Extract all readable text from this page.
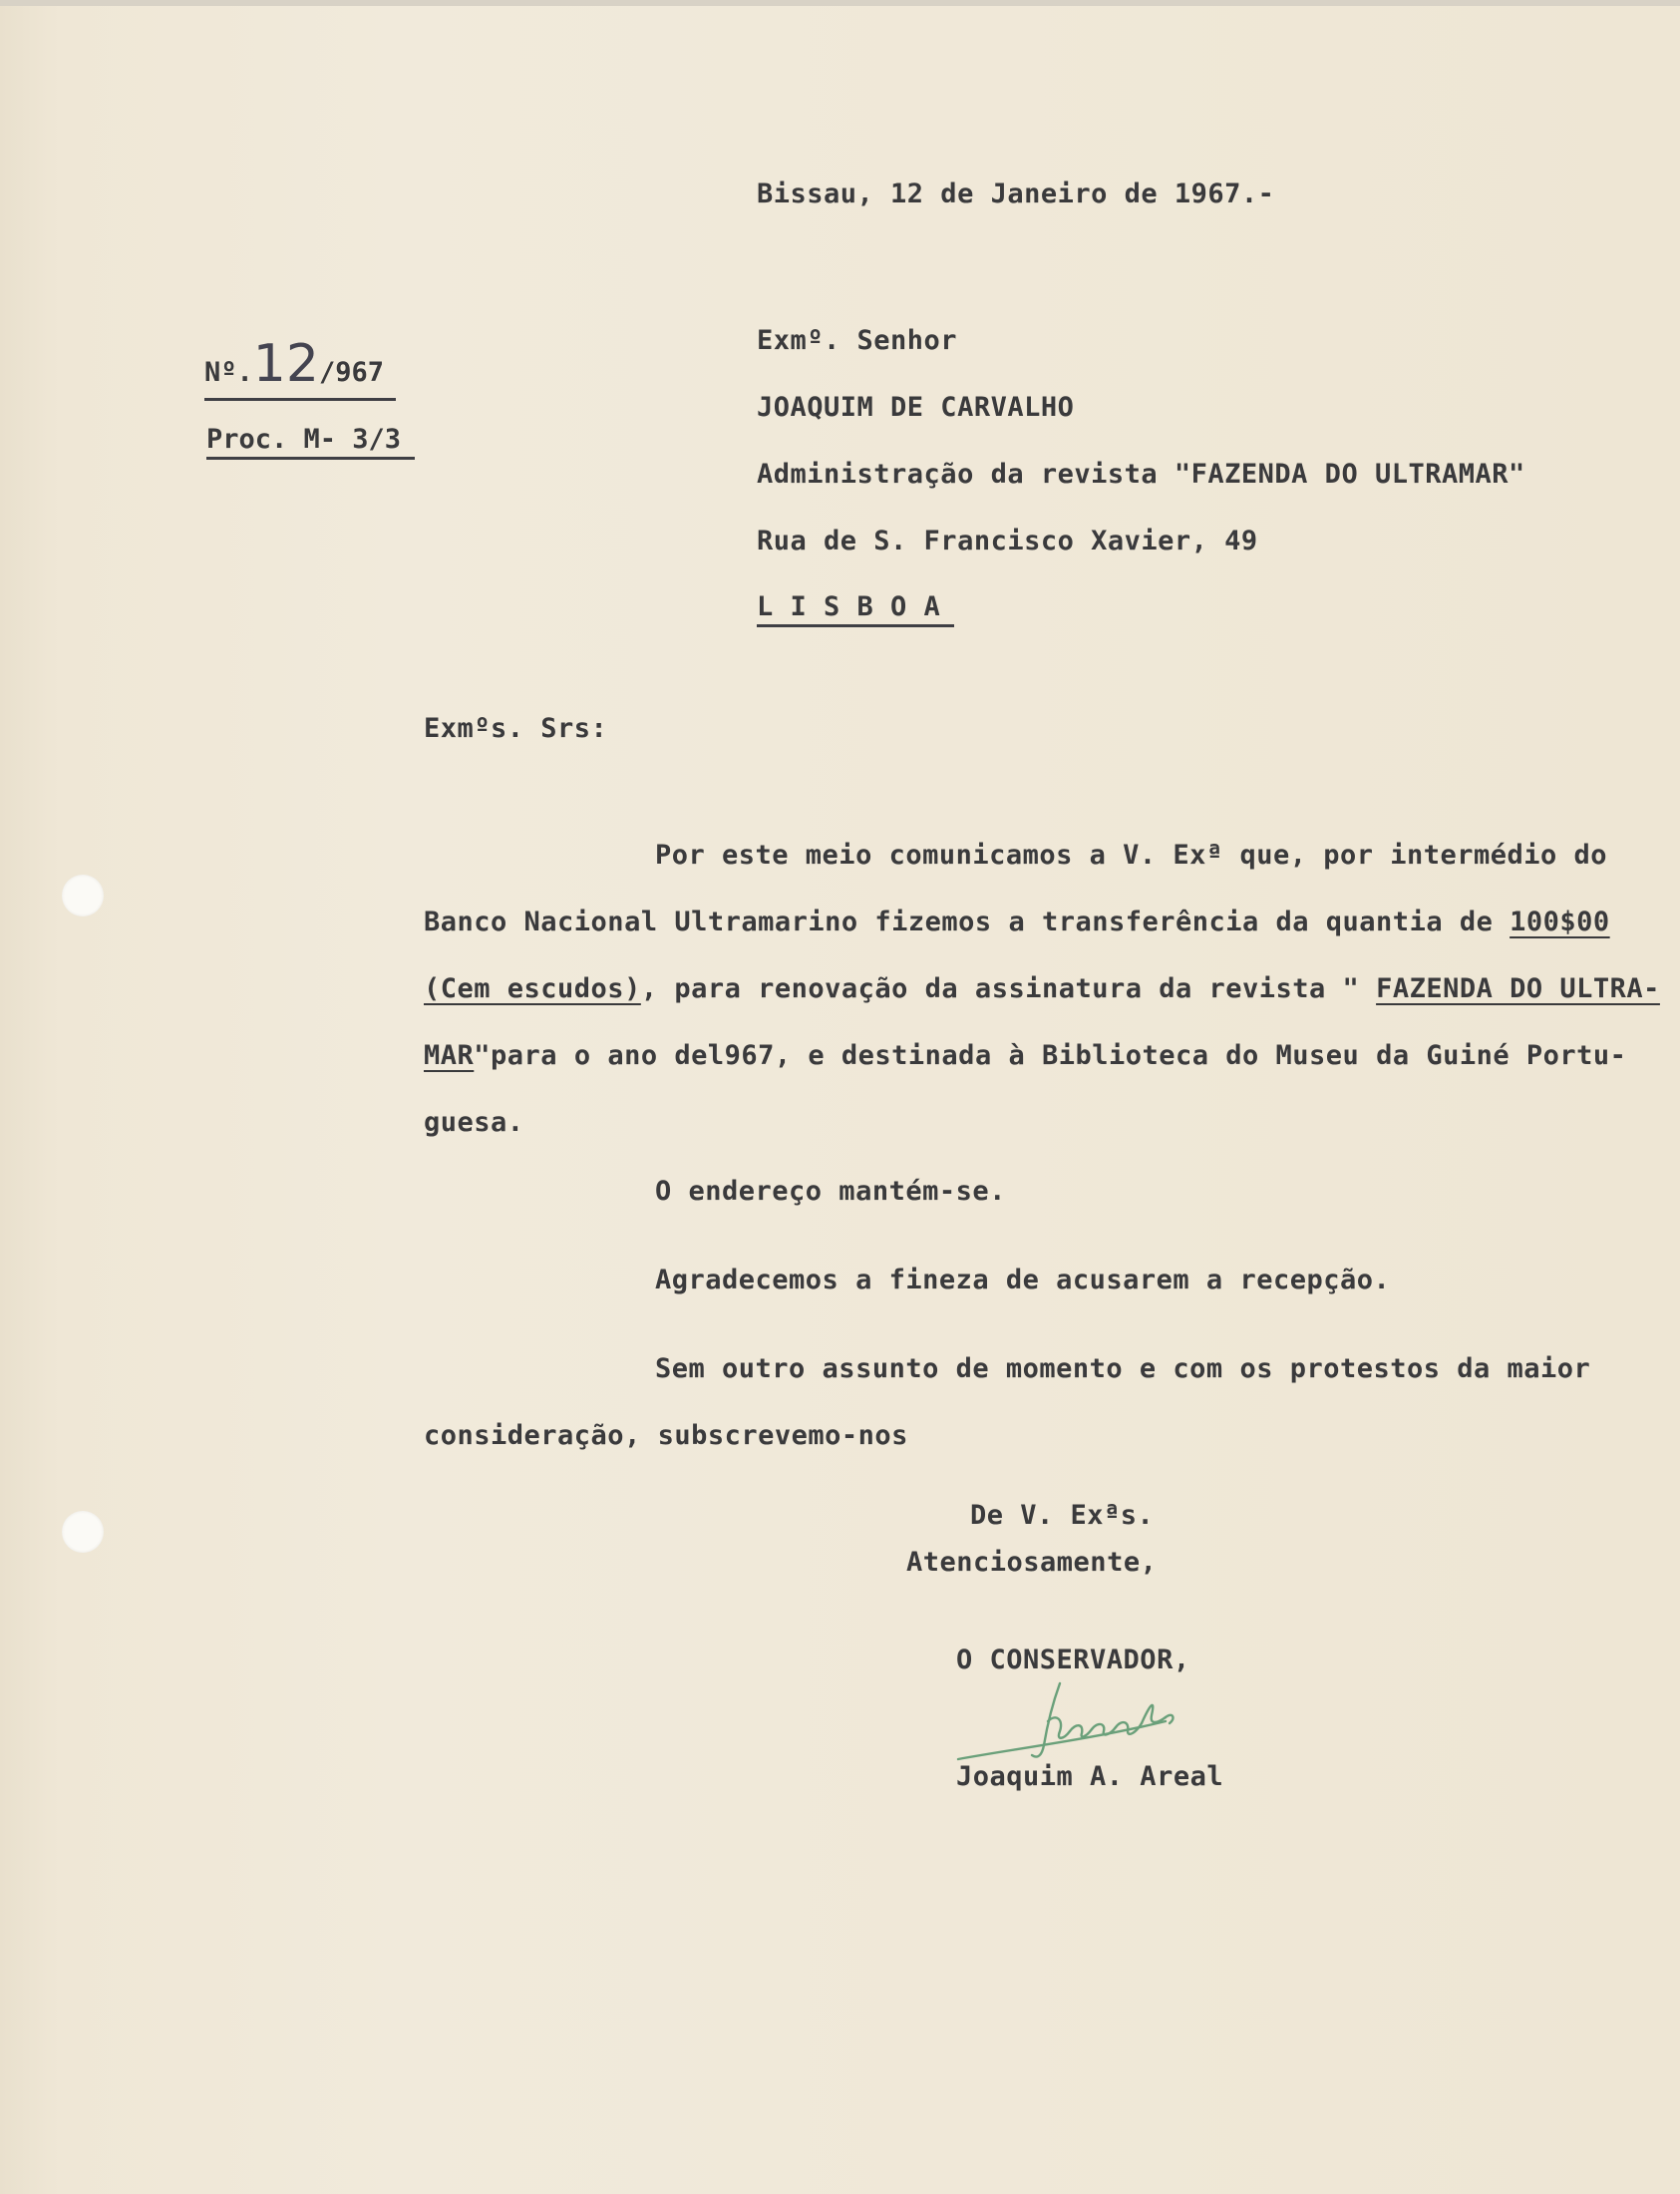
Bissau, 12 de Janeiro de 1967.-
Nº.12/967
Proc. M- 3/3
Exmº. Senhor
JOAQUIM DE CARVALHO
Administração da revista "FAZENDA DO ULTRAMAR"
Rua de S. Francisco Xavier, 49
L I S B O A
Exmºs. Srs:
Por este meio comunicamos a V. Exª que, por intermédio do
Banco Nacional Ultramarino fizemos a transferência da quantia de 100$00
(Cem escudos), para renovação da assinatura da revista " FAZENDA DO ULTRA-
MAR"para o ano del967, e destinada à Biblioteca do Museu da Guiné Portu-
guesa.
O endereço mantém-se.
Agradecemos a fineza de acusarem a recepção.
Sem outro assunto de momento e com os protestos da maior
consideração, subscrevemo-nos
De V. Exªs.
Atenciosamente,
O CONSERVADOR,
Joaquim A. Areal
